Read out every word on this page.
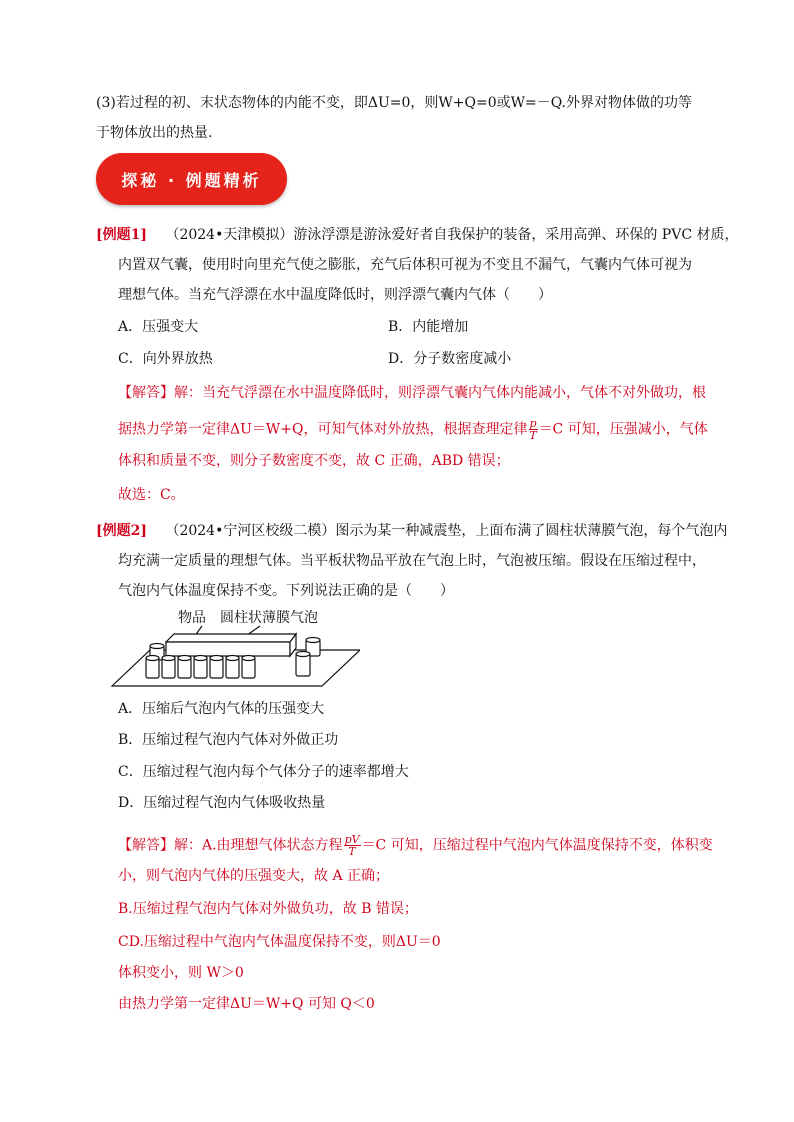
(3)若过程的初、末状态物体的内能不变，即ΔU=0，则W+Q=0或W=－Q.外界对物体做的功等
于物体放出的热量.
探秘 · 例题精析
[例题1] （2024•天津模拟）游泳浮漂是游泳爱好者自我保护的装备，采用高弹、环保的 PVC 材质，
内置双气囊，使用时向里充气使之膨胀，充气后体积可视为不变且不漏气，气囊内气体可视为
理想气体。当充气浮漂在水中温度降低时，则浮漂气囊内气体（　　）
A．压强变大	B．内能增加
C．向外界放热	D．分子数密度减小
【解答】解：当充气浮漂在水中温度降低时，则浮漂气囊内气体内能减小，气体不对外做功，根
据热力学第一定律ΔU＝W+Q，可知气体对外放热，根据查理定律 $\frac{p}{T} =C$ 可知，压强减小，气体
体积和质量不变，则分子数密度不变，故 C 正确，ABD 错误；
故选：C。
[例题2] （2024•宁河区校级二模）图示为某一种减震垫，上面布满了圆柱状薄膜气泡，每个气泡内
均充满一定质量的理想气体。当平板状物品平放在气泡上时，气泡被压缩。假设在压缩过程中，
气泡内气体温度保持不变。下列说法正确的是（　　）
物品 圆柱状薄膜气泡
A．压缩后气泡内气体的压强变大
B．压缩过程气泡内气体对外做正功
C．压缩过程气泡内每个气体分子的速率都增大
D．压缩过程气泡内气体吸收热量
【解答】解：A.由理想气体状态方程 $\frac{pV}{T} =C$ 可知，压缩过程中气泡内气体温度保持不变，体积变
小，则气泡内气体的压强变大，故 A 正确；
B.压缩过程气泡内气体对外做负功，故 B 错误；
CD.压缩过程中气泡内气体温度保持不变，则ΔU＝0
体积变小，则 W＞0
由热力学第一定律ΔU＝W+Q 可知 Q＜0
